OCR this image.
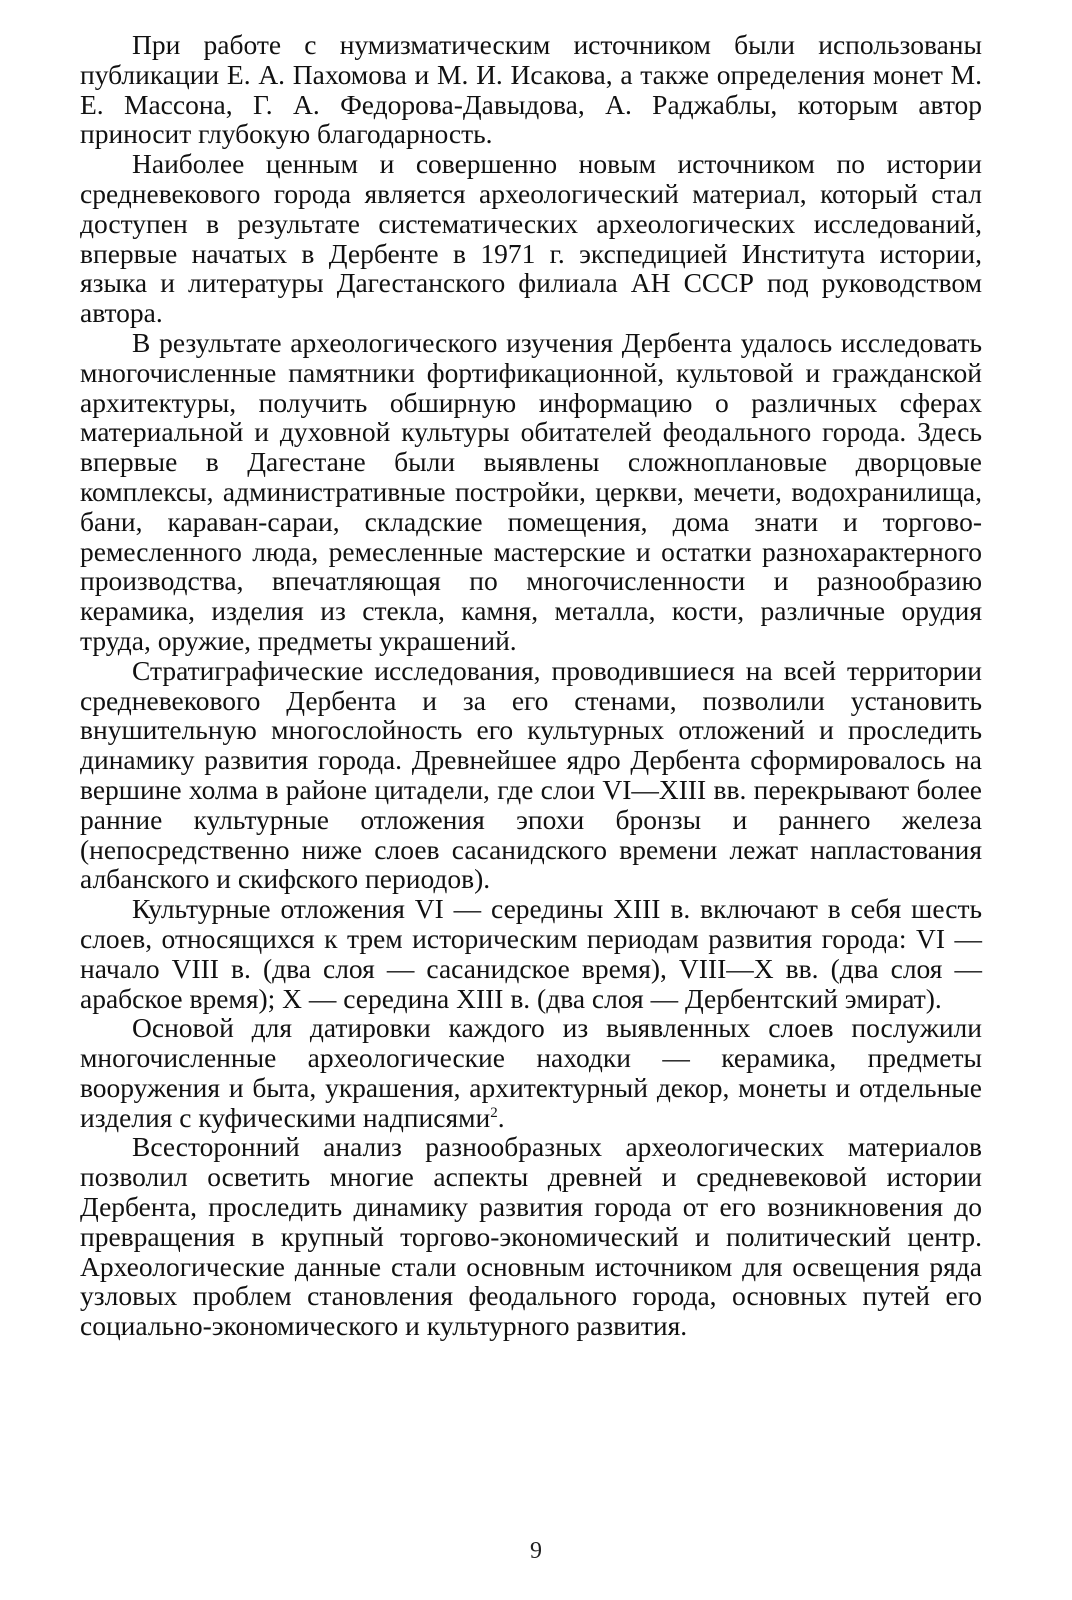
При работе с нумизматическим источником были использованы публикации Е. А. Пахомова и М. И. Исакова, а также определения монет М. Е. Массона, Г. А. Федорова-Давыдова, А. Раджаблы, которым автор приносит глубокую благодарность.

Наиболее ценным и совершенно новым источником по истории средневекового города является археологический материал, который стал доступен в результате систематических археологических исследований, впервые начатых в Дербенте в 1971 г. экспедицией Института истории, языка и литературы Дагестанского филиала АН СССР под руководством автора.

В результате археологического изучения Дербента удалось исследовать многочисленные памятники фортификационной, культовой и гражданской архитектуры, получить обширную информацию о различных сферах материальной и духовной культуры обитателей феодального города. Здесь впервые в Дагестане были выявлены сложноплановые дворцовые комплексы, административные постройки, церкви, мечети, водохранилища, бани, караван-сараи, складские помещения, дома знати и торгово-ремесленного люда, ремесленные мастерские и остатки разнохарактерного производства, впечатляющая по многочисленности и разнообразию керамика, изделия из стекла, камня, металла, кости, различные орудия труда, оружие, предметы украшений.

Стратиграфические исследования, проводившиеся на всей территории средневекового Дербента и за его стенами, позволили установить внушительную многослойность его культурных отложений и проследить динамику развития города. Древнейшее ядро Дербента сформировалось на вершине холма в районе цитадели, где слои VI—XIII вв. перекрывают более ранние культурные отложения эпохи бронзы и раннего железа (непосредственно ниже слоев сасанидского времени лежат напластования албанского и скифского периодов).

Культурные отложения VI — середины XIII в. включают в себя шесть слоев, относящихся к трем историческим периодам развития города: VI — начало VIII в. (два слоя — сасанидское время), VIII—X вв. (два слоя — арабское время); X — середина XIII в. (два слоя — Дербентский эмират).

Основой для датировки каждого из выявленных слоев послужили многочисленные археологические находки — керамика, предметы вооружения и быта, украшения, архитектурный декор, монеты и отдельные изделия с куфическими надписями$^2$.

Всесторонний анализ разнообразных археологических материалов позволил осветить многие аспекты древней и средневековой истории Дербента, проследить динамику развития города от его возникновения до превращения в крупный торгово-экономический и политический центр. Археологические данные стали основным источником для освещения ряда узловых проблем становления феодального города, основных путей его социально-экономического и культурного развития.

9
